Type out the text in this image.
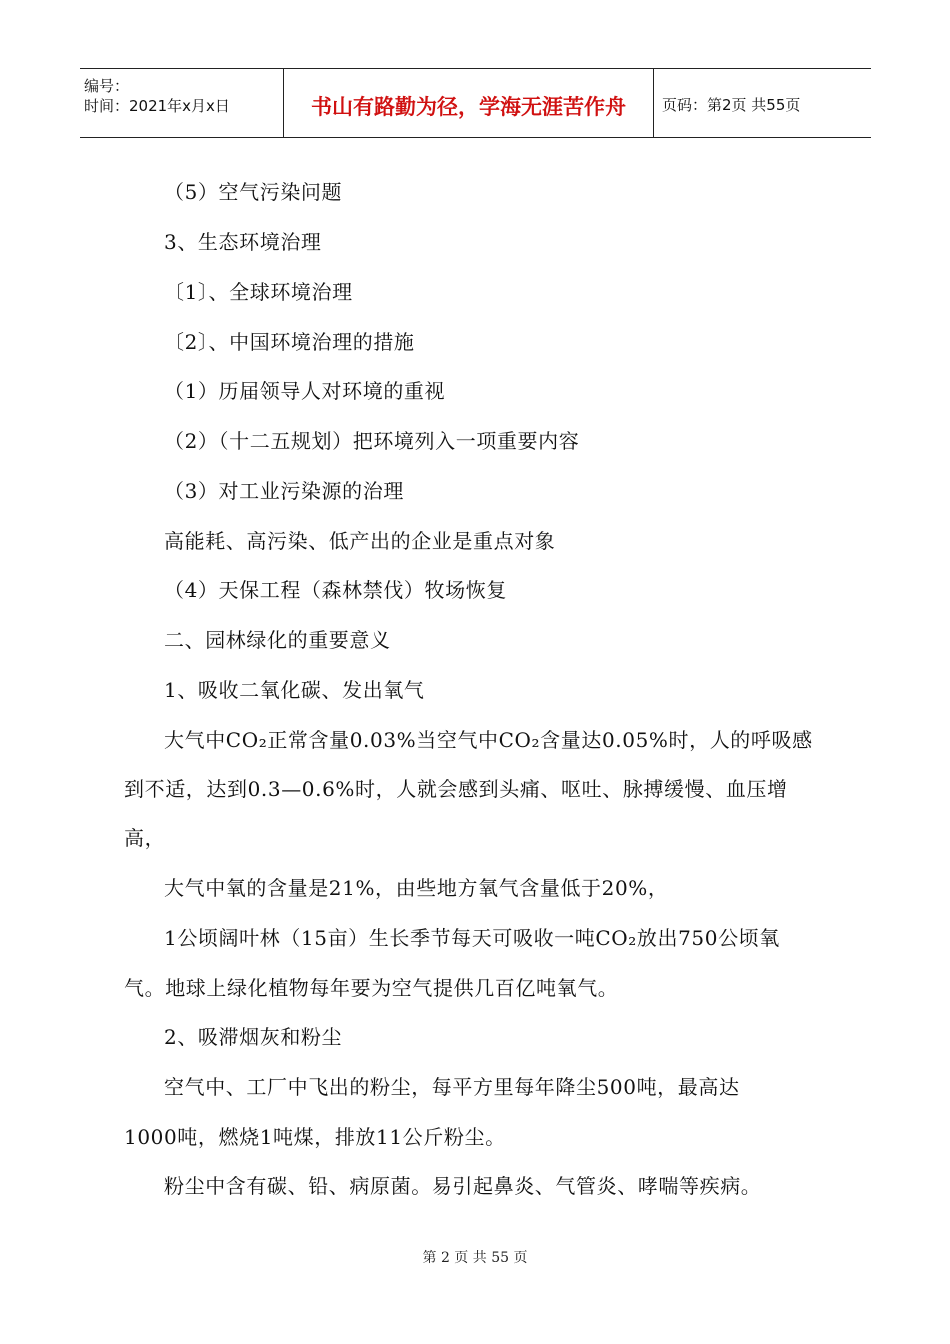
编号：
时间：2021年x月x日	书山有路勤为径，学海无涯苦作舟	页码：第2页 共55页
（5）空气污染问题
3、生态环境治理
〔1〕、全球环境治理
〔2〕、中国环境治理的措施
（1）历届领导人对环境的重视
（2）（十二五规划）把环境列入一项重要内容
（3）对工业污染源的治理
高能耗、高污染、低产出的企业是重点对象
（4）天保工程（森林禁伐）牧场恢复
二、园林绿化的重要意义
1、吸收二氧化碳、发出氧气
大气中CO₂正常含量0.03%当空气中CO₂含量达0.05%时，人的呼吸感
到不适，达到0.3—0.6%时，人就会感到头痛、呕吐、脉搏缓慢、血压增
高，
大气中氧的含量是21%，由些地方氧气含量低于20%，
1公顷阔叶林（15亩）生长季节每天可吸收一吨CO₂放出750公顷氧
气。地球上绿化植物每年要为空气提供几百亿吨氧气。
2、吸滞烟灰和粉尘
空气中、工厂中飞出的粉尘，每平方里每年降尘500吨，最高达
1000吨，燃烧1吨煤，排放11公斤粉尘。
粉尘中含有碳、铅、病原菌。易引起鼻炎、气管炎、哮喘等疾病。
第 2 页 共 55 页
